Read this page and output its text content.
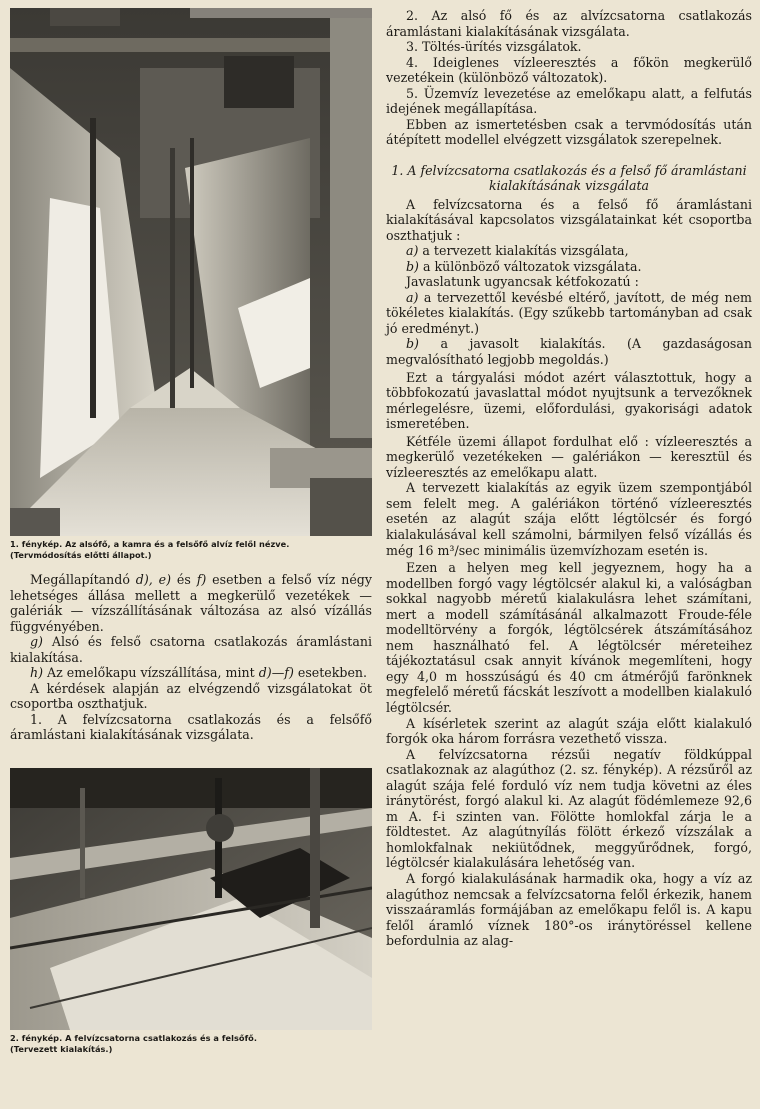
1. fénykép. Az alsófő, a kamra és a felsőfő alvíz felől nézve.
(Tervmódosítás előtti állapot.)

Megállapítandó d), e) és f) esetben a felső víz négy lehetséges állása mellett a megkerülő vezetékek — galériák — vízszállításának változása az alsó vízállás függvényében.

g) Alsó és felső csatorna csatlakozás áramlástani kialakítása.

h) Az emelőkapu vízszállítása, mint d)—f) esetekben.

A kérdések alapján az elvégzendő vizsgálatokat öt csoportba oszthatjuk.

1. A felvízcsatorna csatlakozás és a felsőfő áramlástani kialakításának vizsgálata.

2. fénykép. A felvízcsatorna csatlakozás és a felsőfő.
(Tervezett kialakítás.)

2. Az alsó fő és az alvízcsatorna csatlakozás áramlástani kialakításának vizsgálata.

3. Töltés-ürítés vizsgálatok.

4. Ideiglenes vízleeresztés a főkön megkerülő vezetékein (különböző változatok).

5. Üzemvíz levezetése az emelőkapu alatt, a felfutás idejének megállapítása.

Ebben az ismertetésben csak a tervmódosítás után átépített modellel elvégzett vizsgálatok szerepelnek.

1. A felvízcsatorna csatlakozás és a felső fő áramlástani kialakításának vizsgálata

A felvízcsatorna és a felső fő áramlástani kialakításával kapcsolatos vizsgálatainkat két csoportba oszthatjuk :

a) a tervezett kialakítás vizsgálata,

b) a különböző változatok vizsgálata.

Javaslatunk ugyancsak kétfokozatú :

a) a tervezettől kevésbé eltérő, javított, de még nem tökéletes kialakítás. (Egy szűkebb tartományban ad csak jó eredményt.)

b) a javasolt kialakítás. (A gazdaságosan megvalósítható legjobb megoldás.)

Ezt a tárgyalási módot azért választottuk, hogy a többfokozatú javaslattal módot nyujtsunk a tervezőknek mérlegelésre, üzemi, előfordulási, gyakorisági adatok ismeretében.

Kétféle üzemi állapot fordulhat elő : vízleeresztés a megkerülő vezetékeken — galériákon — keresztül és vízleeresztés az emelőkapu alatt.

A tervezett kialakítás az egyik üzem szempontjából sem felelt meg. A galériákon történő vízleeresztés esetén az alagút szája előtt légtölcsér és forgó kialakulásával kell számolni, bármilyen felső vízállás és még 16 m³/sec minimális üzemvízhozam esetén is.

Ezen a helyen meg kell jegyeznem, hogy ha a modellben forgó vagy légtölcsér alakul ki, a valóságban sokkal nagyobb méretű kialakulásra lehet számítani, mert a modell számításánál alkalmazott Froude-féle modelltörvény a forgók, légtölcsérek átszámításához nem használható fel. A légtölcsér méreteihez tájékoztatásul csak annyit kívánok megemlíteni, hogy egy 4,0 m hosszúságú és 40 cm átmérőjű farönknek megfelelő méretű fácskát leszívott a modellben kialakuló légtölcsér.

A kísérletek szerint az alagút szája előtt kialakuló forgók oka három forrásra vezethető vissza.

A felvízcsatorna rézsűi negatív földkúppal csatlakoznak az alagúthoz (2. sz. fénykép). A rézsűről az alagút szája felé forduló víz nem tudja követni az éles iránytörést, forgó alakul ki. Az alagút födémlemeze 92,6 m A. f-i szinten van. Fölötte homlokfal zárja le a földtestet. Az alagútnyílás fölött érkező vízszálak a homlokfalnak nekiütődnek, meggyűrődnek, forgó, légtölcsér kialakulására lehetőség van.

A forgó kialakulásának harmadik oka, hogy a víz az alagúthoz nemcsak a felvízcsatorna felől érkezik, hanem visszaáramlás formájában az emelőkapu felől is. A kapu felől áramló víznek 180°-os iránytöréssel kellene befordulnia az alag-
